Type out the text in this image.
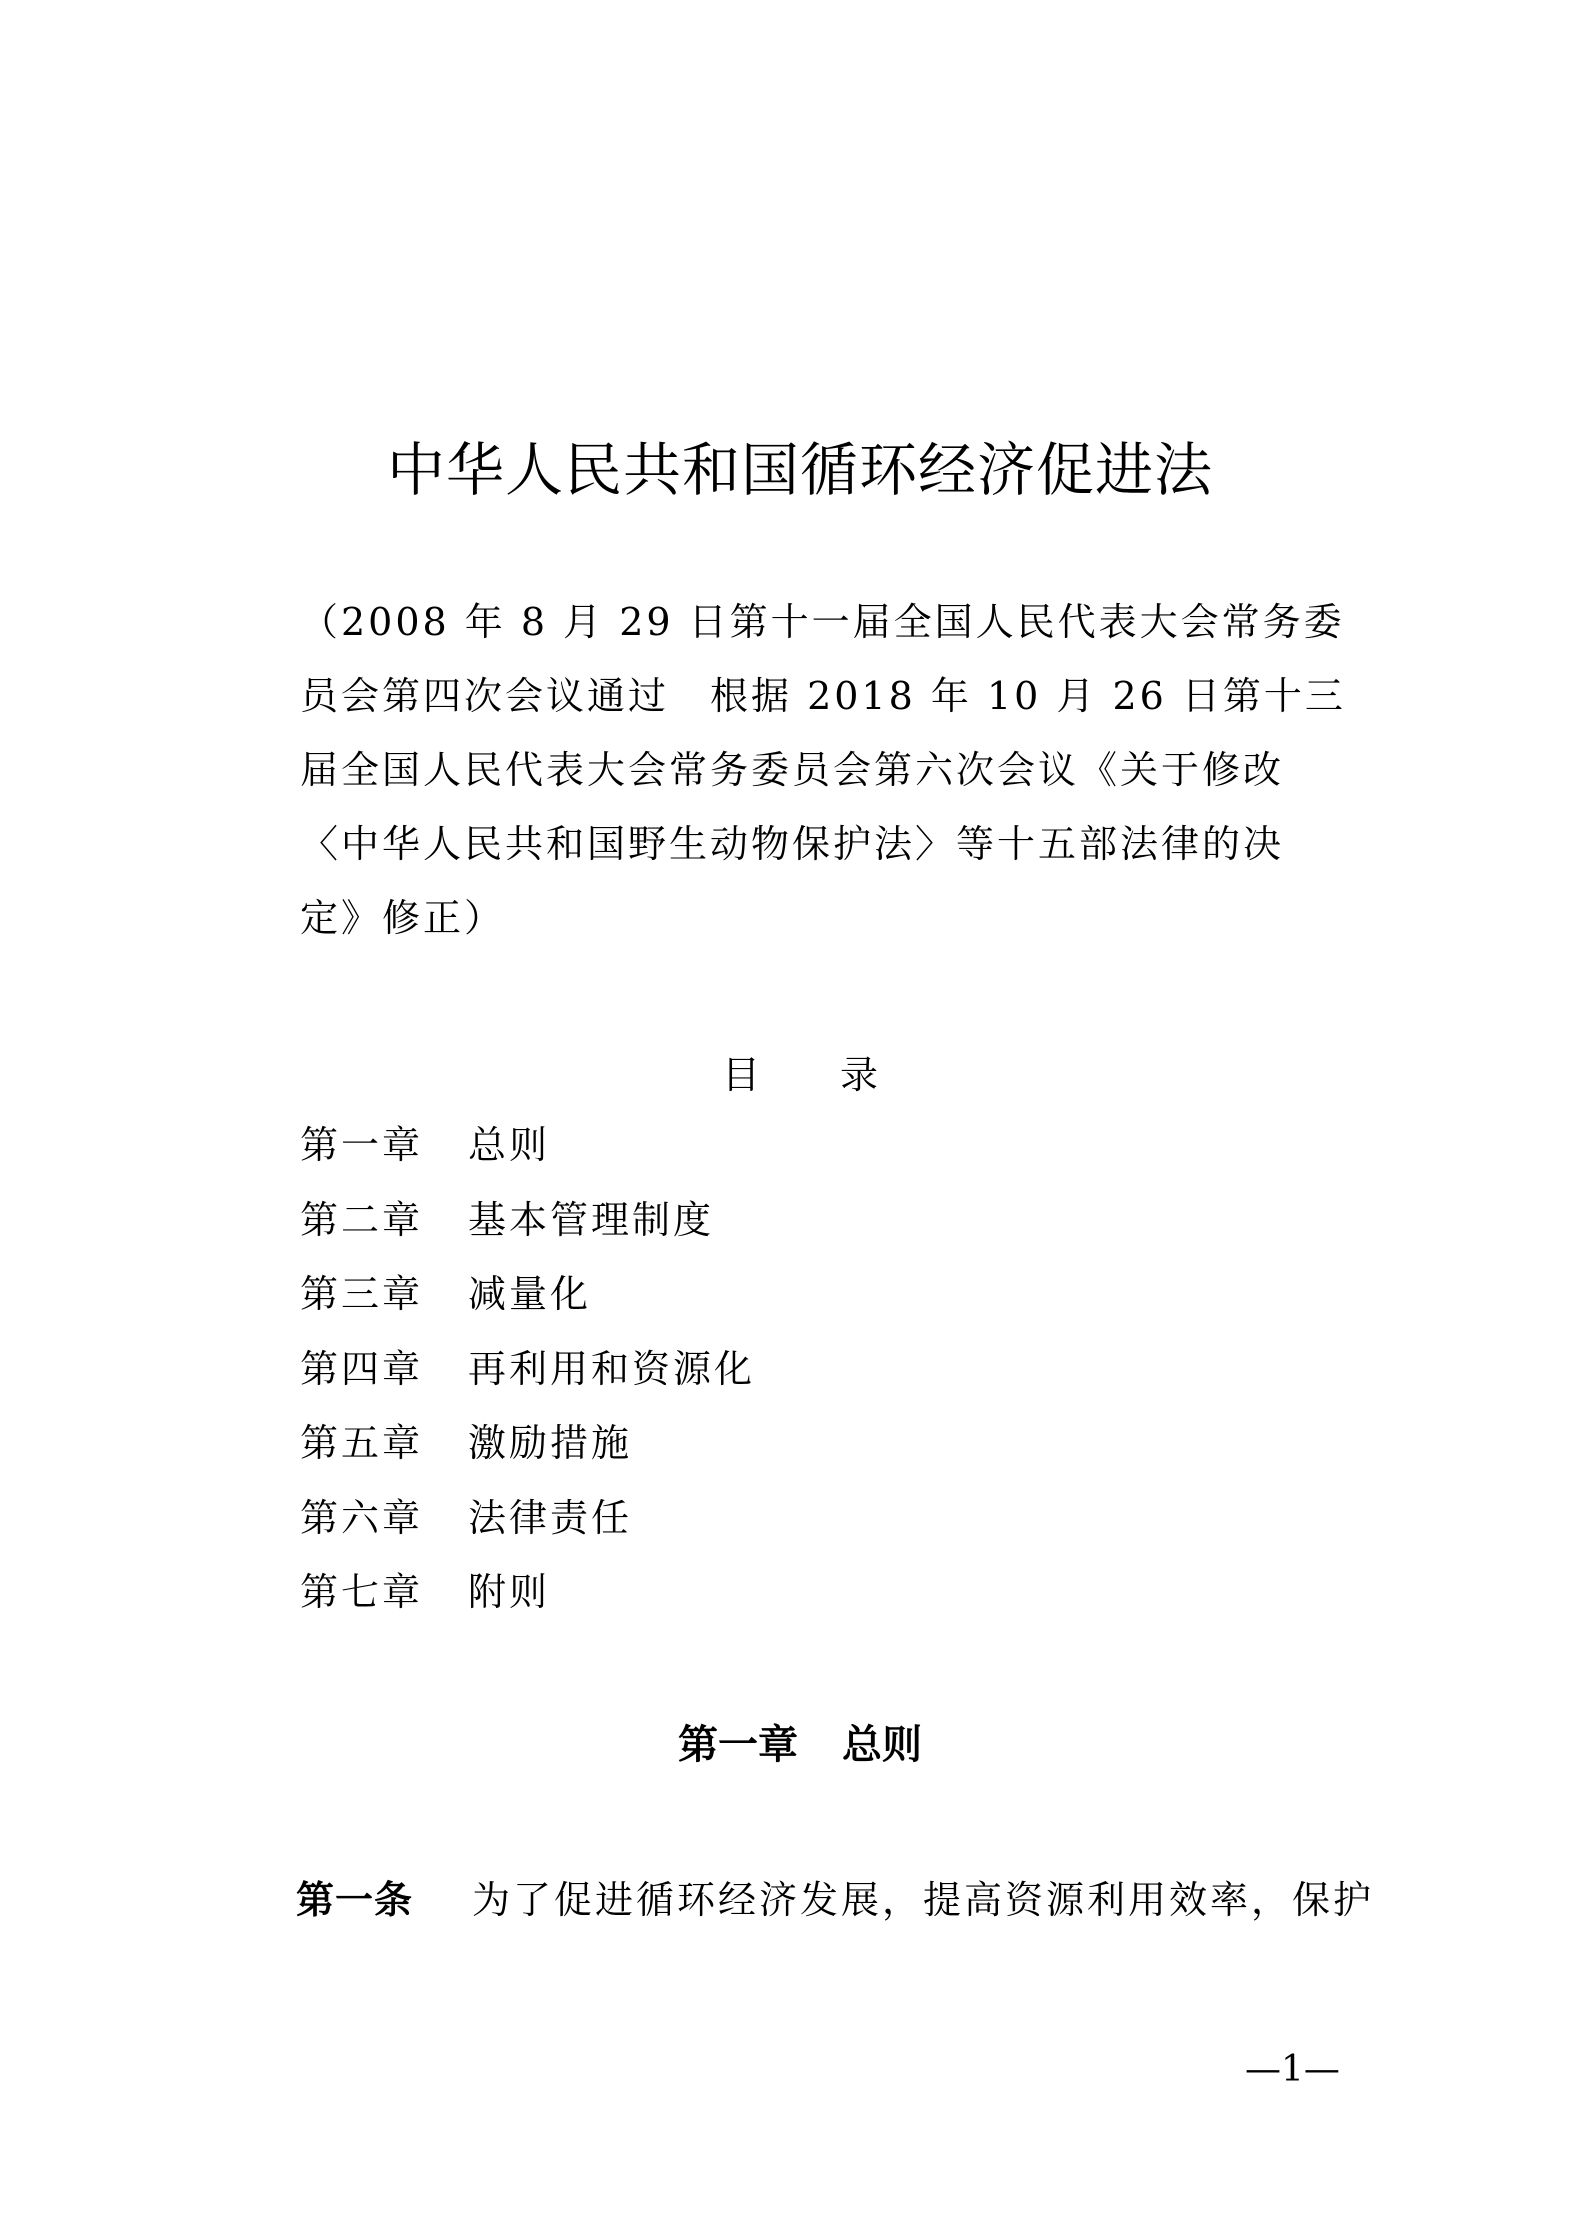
中华人民共和国循环经济促进法
（2008 年 8 月 29 日第十一届全国人民代表大会常务委
员会第四次会议通过　根据 2018 年 10 月 26 日第十三
届全国人民代表大会常务委员会第六次会议《关于修改
〈中华人民共和国野生动物保护法〉等十五部法律的决
定》修正）
目 录
第一章	总则
第二章	基本管理制度
第三章	减量化
第四章	再利用和资源化
第五章	激励措施
第六章	法律责任
第七章	附则
第一章 总则
第一条 为了促进循环经济发展，提高资源利用效率，保护
—1—
